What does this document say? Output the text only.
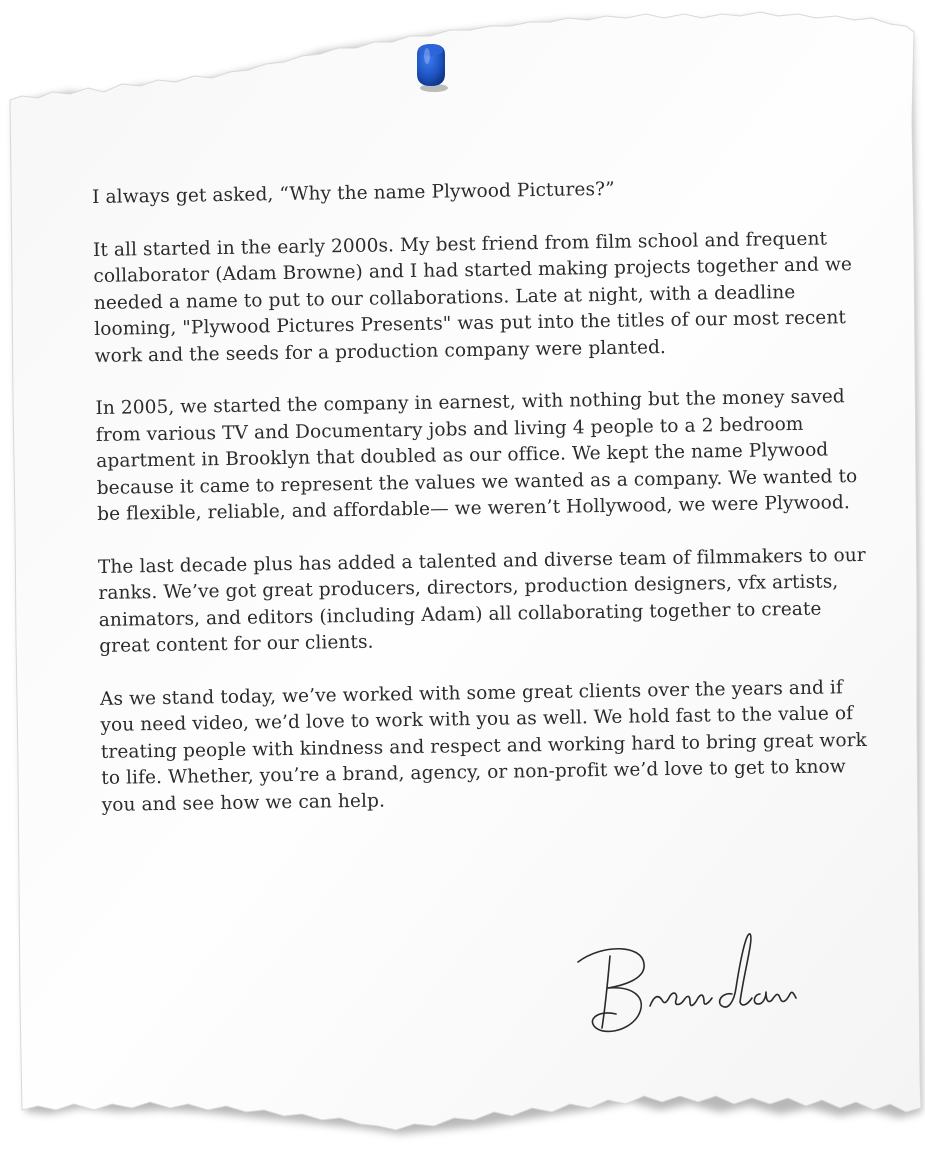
I always get asked, “Why the name Plywood Pictures?”

It all started in the early 2000s. My best friend from film school and frequent collaborator (Adam Browne) and I had started making projects together and we needed a name to put to our collaborations. Late at night, with a deadline looming, "Plywood Pictures Presents" was put into the titles of our most recent work and the seeds for a production company were planted.

In 2005, we started the company in earnest, with nothing but the money saved from various TV and Documentary jobs and living 4 people to a 2 bedroom apartment in Brooklyn that doubled as our office. We kept the name Plywood because it came to represent the values we wanted as a company. We wanted to be flexible, reliable, and affordable— we weren’t Hollywood, we were Plywood.

The last decade plus has added a talented and diverse team of filmmakers to our ranks. We’ve got great producers, directors, production designers, vfx artists, animators, and editors (including Adam) all collaborating together to create great content for our clients.

As we stand today, we’ve worked with some great clients over the years and if you need video, we’d love to work with you as well. We hold fast to the value of treating people with kindness and respect and working hard to bring great work to life. Whether, you’re a brand, agency, or non-profit we’d love to get to know you and see how we can help.
